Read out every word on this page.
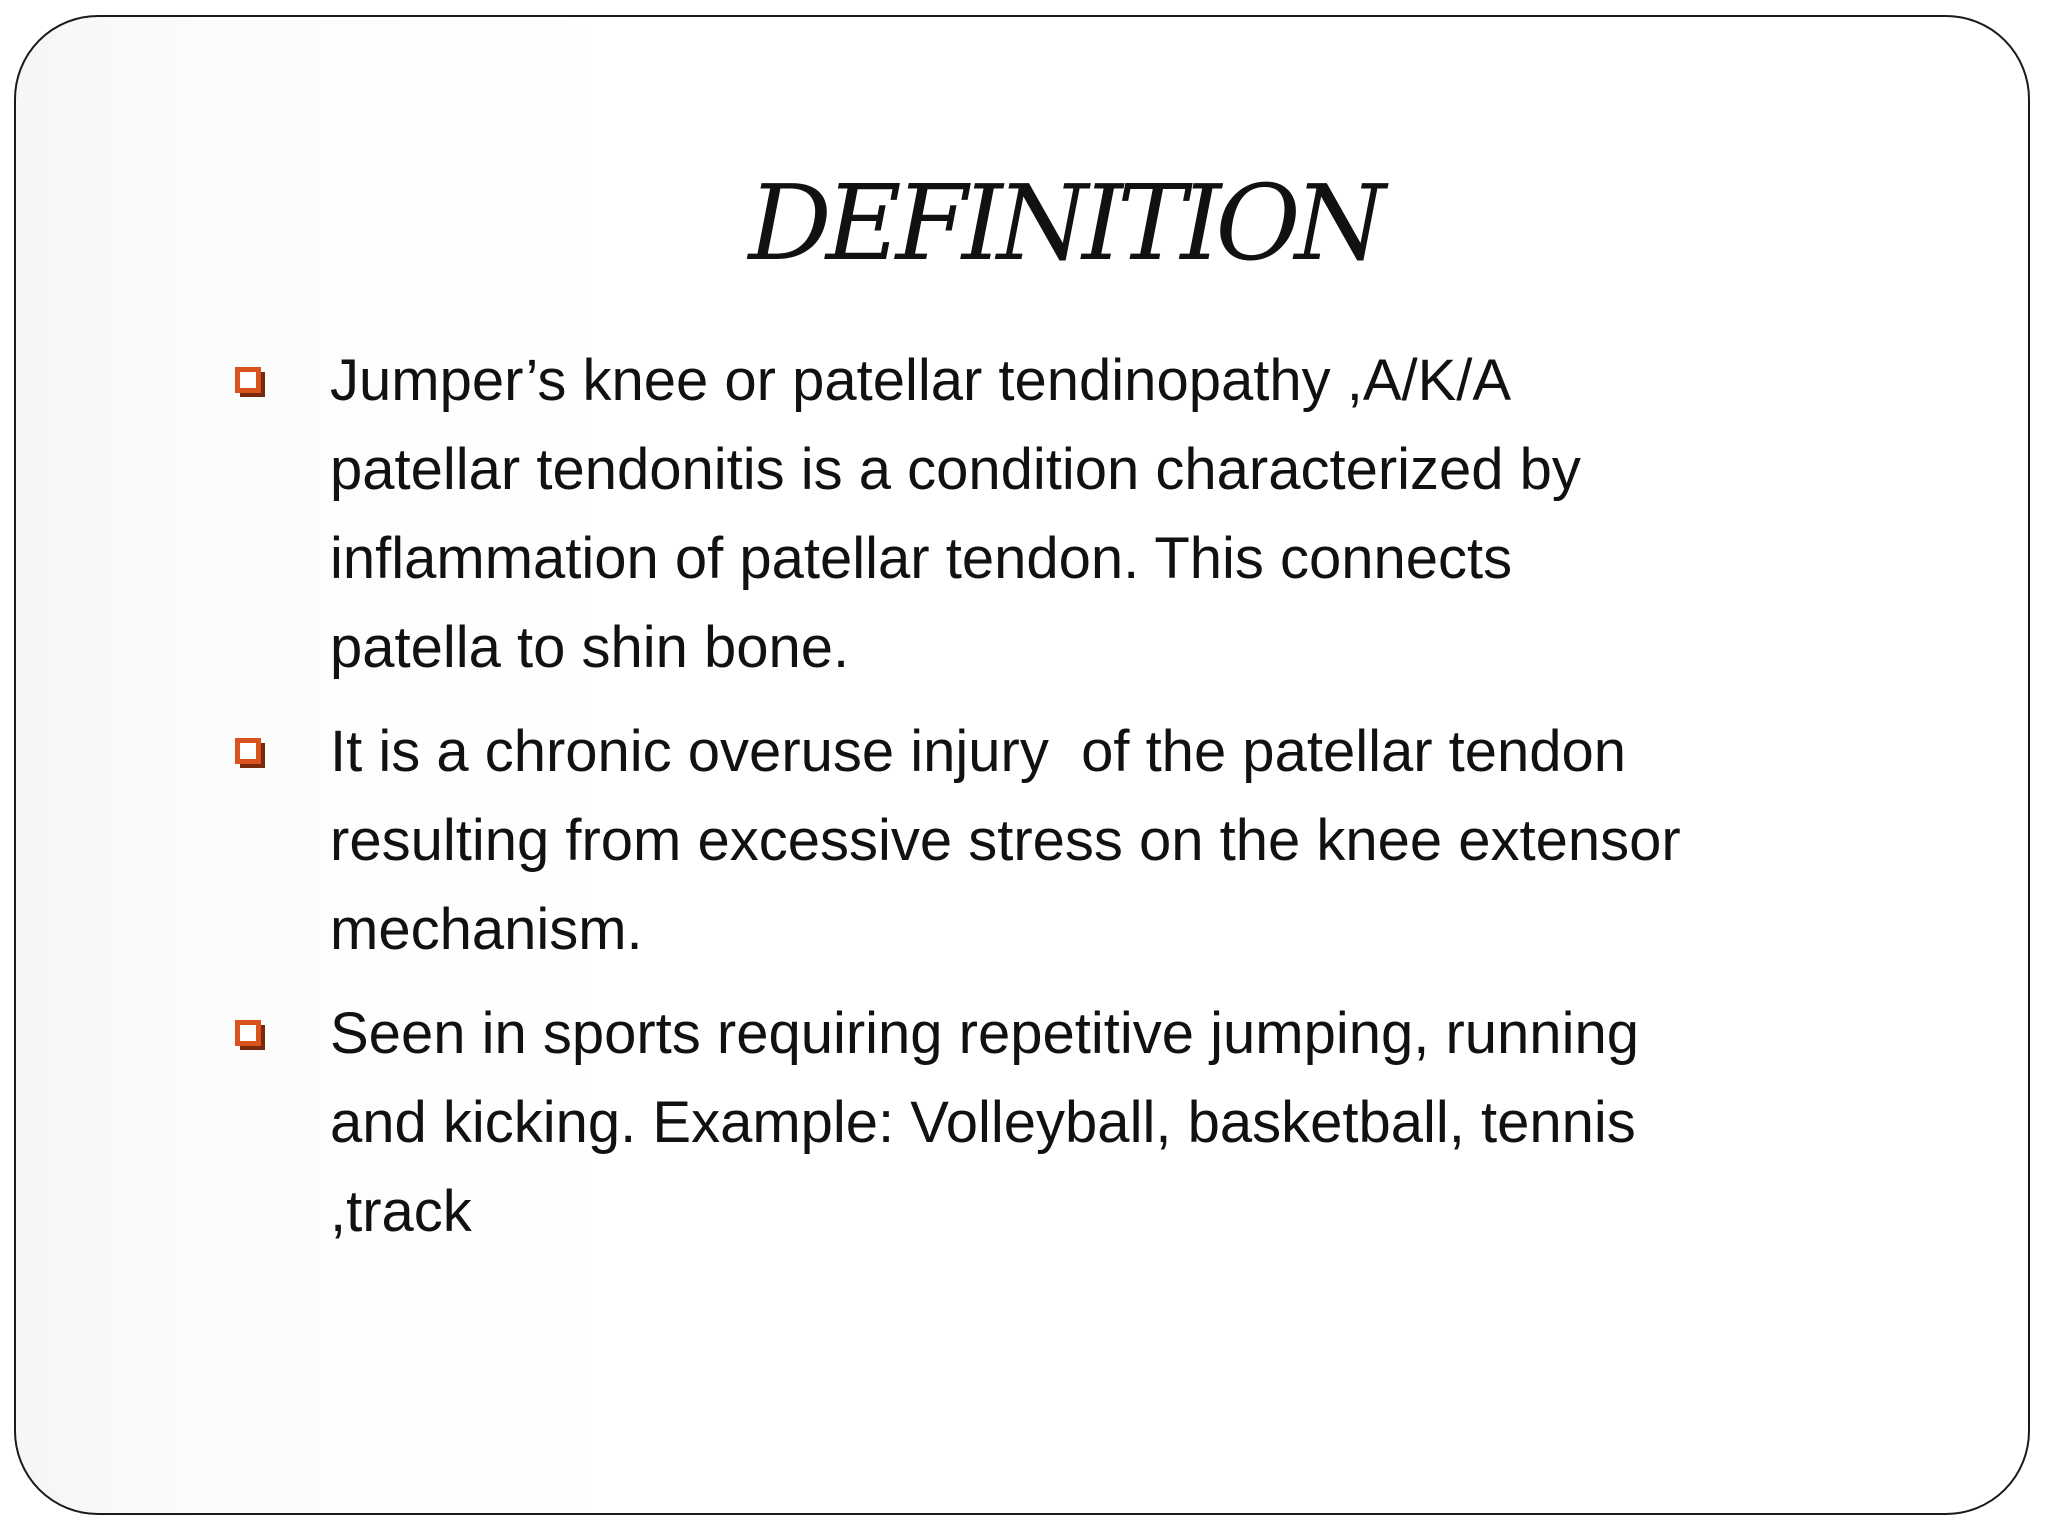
DEFINITION
Jumper’s knee or patellar tendinopathy ,A/K/A
patellar tendonitis is a condition characterized by
inflammation of patellar tendon. This connects
patella to shin bone.
It is a chronic overuse injury  of the patellar tendon
resulting from excessive stress on the knee extensor
mechanism.
Seen in sports requiring repetitive jumping, running
and kicking. Example: Volleyball, basketball, tennis
,track
